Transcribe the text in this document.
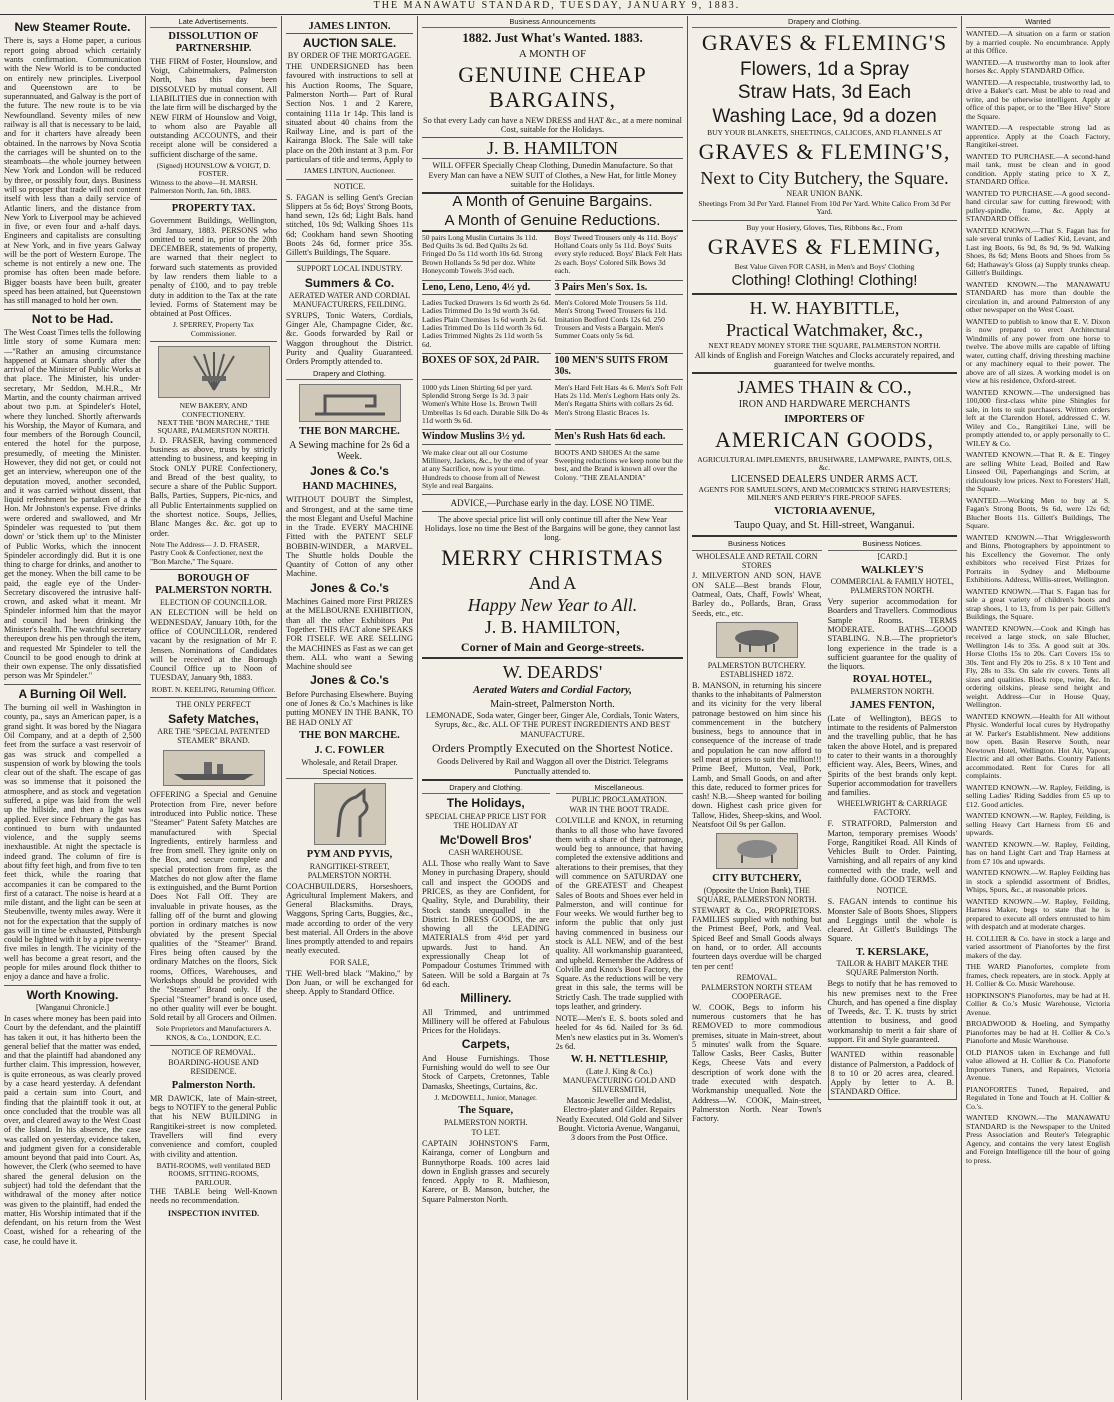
THE MANAWATU STANDARD, TUESDAY, JANUARY 9, 1883.
New Steamer Route.
There is, says a Home paper, a curious report going abroad which certainly wants confirmation. Communication with the New World is to be conducted on entirely new principles. Liverpool and Queenstown are to be superannuated, and Galway is the port of the future. The new route is to be via Newfoundland. Seventy miles of new railway is all that is necessary to be laid, and for it charters have already been obtained. In the narrows by Nova Scotia the carriages will be shunted on to the steamboats—the whole journey between New York and London will be reduced by three, or possibly four, days. Business will so prosper that trade will not content itself with less than a daily service of Atlantic liners, and the distance from New York to Liverpool may be achieved in five, or even four and a-half days. Engineers and capitalists are consulting at New York, and in five years Galway will be the port of Western Europe. The scheme is not entirely a new one. The promise has often been made before. Bigger boasts have been built, greater speed has been attained, but Queenstown has still managed to hold her own.
Not to be Had.
The West Coast Times tells the following little story of some Kumara men:—"Rather an amusing circumstance happened at Kumara shortly after the arrival of the Minister of Public Works at that place. The Minister, his under-secretary, Mr Seddon, M.H.R., Mr Martin, and the county chairman arrived about two p.m. at Spindeler's Hotel, where they lunched. Shortly afterwards his Worship, the Mayor of Kumara, and four members of the Borough Council, entered the hotel for the purpose, presumedly, of meeting the Minister. However, they did not get, or could not get an interview, whereupon one of the deputation moved, another seconded, and it was carried without dissent, that liquid refreshment be partaken of a the Hon. Mr Johnston's expense. Five drinks were ordered and swallowed, and Mr Spindeler was requested to 'put them down' or 'stick them up' to the Minister of Public Works, which the innocent Spindeler accordingly did. But it is one thing to charge for drinks, and another to get the money. When the bill came to be paid, the eagle eye of the Under-Secretary discovered the intrusive half-crown, and asked what it meant. Mr Spindeler informed him that the mayor and council had been drinking the Minister's health. The watchful secretary thereupon drew his pen through the item, and requested Mr Spindeler to tell the Council to be good enough to drink at their own expense. The only dissatisfied person was Mr Spindeler."
A Burning Oil Well.
The burning oil well in Washington in county, pa., says an American paper, is a grand sight. It was bored by the Niagara Oil Company, and at a depth of 2,500 feet from the surface a vast reservoir of gas was struck and compelled a suspension of work by blowing the tools clear out of the shaft. The escape of gas was so immense that it poisoned the atmosphere, and as stock and vegetation suffered, a pipe was laid from the well up the hillside, and then a light was applied. Ever since February the gas has continued to burn with undaunted violence, and the supply seems inexhaustible. At night the spectacle is indeed grand. The column of fire is about fifty feet high, and from five to ten feet thick, while the roaring that accompanies it can be compared to the first of a cataract. The noise is heard at a mile distant, and the light can be seen at Steubenville, twenty miles away. Were it not for the expectation that the supply of gas will in time be exhausted, Pittsburgh could be lighted with it by a pipe twenty-five miles in length. The vicinity of the well has become a great resort, and the people for miles around flock thither to enjoy a dance and have a frolic.
Worth Knowing.
[Wanganui Chronicle.]
In cases where money has been paid into Court by the defendant, and the plaintiff has taken it out, it has hitherto been the general belief that the matter was ended, and that the plaintiff had abandoned any further claim. This impression, however, is quite erroneous, as was clearly proved by a case heard yesterday. A defendant paid a certain sum into Court, and finding that the plaintiff took it out, at once concluded that the trouble was all over, and cleared away to the West Coast of the Island. In his absence, the case was called on yesterday, evidence taken, and judgment given for a considerable amount beyond that paid into Court. As, however, the Clerk (who seemed to have shared the general delusion on the subject) had told the defendant that the withdrawal of the money after notice was given to the plaintiff, had ended the matter, His Worship intimated that if the defendant, on his return from the West Coast, wished for a rehearing of the case, he could have it.
Late Advertisements.
DISSOLUTION OF PARTNERSHIP.
THE FIRM of Foster, Hounslow, and Voigt, Cabinetmakers, Palmerston North, has this day been DISSOLVED by mutual consent. All LIABILITIES due in connection with the late firm will be discharged by the NEW FIRM of Hounslow and Voigt, to whom also are Payable all outstanding ACCOUNTS, and their receipt alone will be considered a sufficient discharge of the same.
(Signed) HOUNSLOW & VOIGT, D. FOSTER.
Witness to the above—H. MARSH. Palmerston North, Jan. 6th, 1883.
PROPERTY TAX.
Government Buildings, Wellington, 3rd January, 1883. PERSONS who omitted to send in, prior to the 20th DECEMBER, statements of property, are warned that their neglect to forward such statements as provided by law renders them liable to a penalty of £100, and to pay treble duty in addition to the Tax at the rate levied. Forms of Statement may be obtained at Post Offices.
J. SPERREY, Property Tax Commissioner.
NEW BAKERY, AND CONFECTIONERY.
NEXT THE "BON MARCHE," THE SQUARE, PALMERSTON NORTH.
J. D. FRASER, having commenced business as above, trusts by strictly attending to business, and keeping in Stock ONLY PURE Confectionery, and Bread of the best quality, to secure a share of the Public Support. Balls, Parties, Suppers, Pic-nics, and all Public Entertainments supplied on the shortest notice. Soups, Jellies, Blanc Manges &c. &c. got up to order.
Note The Address— J. D. FRASER, Pastry Cook & Confectioner, next the "Bon Marche," The Square.
BOROUGH OF PALMERSTON NORTH.
ELECTION OF COUNCILLOR.
AN ELECTION will be held on WEDNESDAY, January 10th, for the office of COUNCILLOR, rendered vacant by the resignation of Mr F. Jensen. Nominations of Candidates will be received at the Borough Council Office up to Noon of TUESDAY, January 9th, 1883.
ROBT. N. KEELING, Returning Officer.
THE ONLY PERFECT
Safety Matches,
ARE THE "SPECIAL PATENTED STEAMER" BRAND.
OFFERING a Special and Genuine Protection from Fire, never before introduced into Public notice. These "Steamer" Patent Safety Matches are manufactured with Special Ingredients, entirely harmless and free from smell. They ignite only on the Box, and secure complete and special protection from fire, as the Matches do not glow after the flame is extinguished, and the Burnt Portion Does Not Fall Off. They are invaluable in private houses, as the falling off of the burnt and glowing portion in ordinary matches is now obviated by the present Special qualities of the "Steamer" Brand. Fires being often caused by the ordinary Matches on the floors, Sick rooms, Offices, Warehouses, and Workshops should be provided with the "Steamer" Brand only. If the Special "Steamer" brand is once used, no other quality will ever be bought. Sold retail by all Grocers and Oilmen.
Sole Proprietors and Manufacturers A. KNOS, & Co., LONDON, E.C.
NOTICE OF REMOVAL.
BOARDING-HOUSE AND RESIDENCE.
Palmerston North.
MR DAWICK, late of Main-street, begs to NOTIFY to the general Public that his NEW BUILDING in Rangitikei-street is now completed. Travellers will find every convenience and comfort, coupled with civility and attention.
BATH-ROOMS, well ventilated BED ROOMS, SITTING-ROOMS, PARLOUR.
THE TABLE being Well-Known needs no recommendation.
INSPECTION INVITED.
JAMES LINTON.
AUCTION SALE.
BY ORDER OF THE MORTGAGEE.
THE UNDERSIGNED has been favoured with instructions to sell at his Auction Rooms, The Square, Palmerston North— Part of Rural Section Nos. 1 and 2 Karere, containing 111a 1r 14p. This land is situated about 40 chains from the Railway Line, and is part of the Kairanga Block. The Sale will take place on the 20th instant at 3 p.m. For particulars of title and terms, Apply to
JAMES LINTON, Auctioneer.
NOTICE.
S. FAGAN is selling Gent's Grecian Slippers at 5s 6d; Boys' Strong Boots, hand sewn, 12s 6d; Light Bals. hand stitched, 10s 9d; Walking Shoes 11s 6d; Cookham hand sewn Shooting Boots 24s 6d, former price 35s. Gillett's Buildings, The Square.
SUPPORT LOCAL INDUSTRY.
Summers & Co.
AERATED WATER AND CORDIAL MANUFACTURERS, FEILDING.
SYRUPS, Tonic Waters, Cordials, Ginger Ale, Champagne Cider, &c. &c. Goods forwarded by Rail or Waggon throughout the District. Purity and Quality Guaranteed. Orders Promptly attended to.
Drapery and Clothing.
THE BON MARCHE.
A Sewing machine for 2s 6d a Week.
Jones & Co.'s
HAND MACHINES,
WITHOUT DOUBT the Simplest, and Strongest, and at the same time the most Elegant and Useful Machine in the Trade. EVERY MACHINE Fitted with the PATENT SELF BOBBIN-WINDER, a MARVEL. The Shuttle holds Double the Quantity of Cotton of any other Machine.
Jones & Co.'s
Machines Gained more First PRIZES at the MELBOURNE EXHIBITION, than all the other Exhibitors Put Together. THIS FACT alone SPEAKS FOR ITSELF. WE ARE SELLING the MACHINES as Fast as we can get them. ALL who want a Sewing Machine should see
Jones & Co.'s
Before Purchasing Elsewhere. Buying one of Jones & Co.'s Machines is like putting MONEY IN THE BANK, TO BE HAD ONLY AT
THE BON MARCHE.
J. C. FOWLER
Wholesale, and Retail Draper.
Special Notices.
PYM AND PYVIS,
RANGITIKEI-STREET, PALMERSTON NORTH.
COACHBUILDERS, Horseshoers, Agricultural Implement Makers, and General Blacksmiths. Drays, Waggons, Spring Carts, Buggies, &c., made according to order of the very best material. All Orders in the above lines promptly attended to and repairs neatly executed.
FOR SALE,
THE Well-bred black "Makino," by Don Juan, or will be exchanged for sheep. Apply to Standard Office.
Business Announcements
1882. Just What's Wanted. 1883.
A MONTH OF
GENUINE CHEAP BARGAINS,
So that every Lady can have a NEW DRESS and HAT &c., at a mere nominal Cost, suitable for the Holidays.
J. B. HAMILTON
WILL OFFER Specially Cheap Clothing, Dunedin Manufacture. So that Every Man can have a NEW SUIT of Clothes, a New Hat, for little Money suitable for the Holidays.
A Month of Genuine Bargains.
A Month of Genuine Reductions.
50 pairs Long Muslin Curtains 3s 11d. Bed Quilts 3s 6d. Bed Quilts 2s 6d. Fringed Do 5s 11d worth 10s 6d. Strong Brown Hollands 5s 9d per doz. White Honeycomb Towels 3½d each.
Boys' Tweed Trousers only 4s 11d. Boys' Holland Coats only 5s 11d. Boys' Suits every style reduced. Boys' Black Felt Hats 2s each. Boys' Colored Silk Bows 3d each.
Leno, Leno, Leno, 4½ yd.	3 Pairs Men's Sox. 1s.
Ladies Tucked Drawers 1s 6d worth 2s 6d. Ladies Trimmed Do 1s 9d worth 3s 6d. Ladies Plain Chemises 1s 6d worth 2s 6d. Ladies Trimmed Do 1s 11d worth 3s 6d. Ladies Trimmed Nights 2s 11d worth 5s 6d.
Men's Colored Mole Trousers 5s 11d. Men's Strong Tweed Trousers 6s 11d. Imitation Bedford Cords 12s 6d. 250 Trousers and Vests a Bargain. Men's Summer Coats only 5s 6d.
BOXES OF SOX, 2d PAIR.	100 MEN'S SUITS FROM 30s.
1000 yds Linen Shirting 6d per yard. Splendid Strong Serge 1s 3d. 3 pair Women's White Hose 1s. Brown Twill Umbrellas 1s 6d each. Durable Silk Do 4s 11d worth 9s 6d.
Men's Hard Felt Hats 4s 6. Men's Soft Felt Hats 2s 11d. Men's Leghorn Hats only 2s. Men's Regatta Shirts with collars 2s 6d. Men's Strong Elastic Braces 1s.
Window Muslins 3½ yd.	Men's Rush Hats 6d each.
We make clear out all our Costume Millinery, Jackets, &c., by the end of year at any Sacrifice, now is your time. Hundreds to choose from all of Newest Style and real Bargains.
BOOTS AND SHOES At the same Sweeping reductions we keep none but the best, and the Brand is known all over the Colony. "THE ZEALANDIA"
ADVICE,—Purchase early in the day. LOSE NO TIME.
The above special price list will only continue till after the New Year Holidays. lose no time the Best of the Bargains will be gone, they cannot last long.
MERRY CHRISTMAS
And A
Happy New Year to All.
J. B. HAMILTON,
Corner of Main and George-streets.
W. DEARDS'
Aerated Waters and Cordial Factory,
Main-street, Palmerston North.
LEMONADE, Soda water, Ginger beer, Ginger Ale, Cordials, Tonic Waters, Syrups, &c., &c. ALL OF THE PUREST INGREDIENTS AND BEST MANUFACTURE.
Orders Promptly Executed on the Shortest Notice.
Goods Delivered by Rail and Waggon all over the District. Telegrams Punctually attended to.
Drapery and Clothing.
The Holidays,
SPECIAL CHEAP PRICE LIST FOR THE HOLIDAY AT
Mc'Dowell Bros'
CASH WAREHOUSE.
ALL Those who really Want to Save Money in purchasing Drapery, should call and inspect the GOODS and PRICES, as they are Confident, for Quality, Style, and Durability, their Stock stands unequalled in the District. In DRESS GOODS, the are showing all the LEADING MATERIALS from 4½d per yard upwards. Just to hand. An expressionally Cheap lot of Pompadour Costumes Trimmed with Sateen. Will be sold a Bargain at 7s 6d each.
Millinery.
All Trimmed, and untrimmed Millinery will be offered at Fabulous Prices for the Holidays.
Carpets,
And House Furnishings. Those Furnishing would do well to see Our Stock of Carpets, Cretonnes, Table Damasks, Sheetings, Curtains, &c.
J. McDOWELL, Junior, Manager.
The Square,
PALMERSTON NORTH.
TO LET.
CAPTAIN JOHNSTON'S Farm, Kairanga, corner of Longburn and Bunnythorpe Roads. 100 acres laid down in English grasses and securely fenced. Apply to R. Mathieson, Karere, or B. Manson, butcher, the Square Palmerston North.
Miscellaneous.
PUBLIC PROCLAMATION.
WAR IN THE BOOT TRADE.
COLVILLE and KNOX, in returning thanks to all those who have favored them with a share of their patronage, would beg to announce, that having completed the extensive additions and alterations to their premises, that they will commence on SATURDAY one of the GREATEST and Cheapest Sales of Boots and Shoes ever held in Palmerston, and will continue for Four weeks. We would further beg to inform the public that only just having commenced in business our stock is ALL NEW, and of the best quality. All workmanship guaranteed, and upheld. Remember the Address of Colville and Knox's Boot Factory, the Square. As the reductions will be very great in this sale, the terms will be Strictly Cash. The trade supplied with tops leather, and grindery.
NOTE—Men's E. S. boots soled and heeled for 4s 6d. Nailed for 3s 6d. Men's new elastics put in 3s. Women's 2s 6d.
W. H. NETTLESHIP,
(Late J. King & Co.) MANUFACTURING GOLD AND SILVERSMITH,
Masonic Jeweller and Medalist, Electro-plater and Gilder. Repairs Neatly Executed. Old Gold and Silver Bought. Victoria Avenue, Wanganui, 3 doors from the Post Office.
Drapery and Clothing.
GRAVES & FLEMING'S
Flowers, 1d a Spray
Straw Hats, 3d Each
Washing Lace, 9d a dozen
BUY YOUR BLANKETS, SHEETINGS, CALICOES, AND FLANNELS AT
GRAVES & FLEMING'S,
Next to City Butchery, the Square.
NEAR UNION BANK.
Sheetings From 3d Per Yard. Flannel From 10d Per Yard. White Calico From 3d Per Yard.
Buy your Hosiery, Gloves, Ties, Ribbons &c., From
GRAVES & FLEMING,
Best Value Given FOR CASH, in Men's and Boys' Clothing
Clothing! Clothing! Clothing!
H. W. HAYBITTLE,
Practical Watchmaker, &c.,
NEXT READY MONEY STORE THE SQUARE, PALMERSTON NORTH.
All kinds of English and Foreign Watches and Clocks accurately repaired, and guaranteed for twelve months.
JAMES THAIN & CO.,
IRON AND HARDWARE MERCHANTS
IMPORTERS OF
AMERICAN GOODS,
AGRICULTURAL IMPLEMENTS, BRUSHWARE, LAMPWARE, PAINTS, OILS, &c.
LICENSED DEALERS UNDER ARMS ACT.
AGENTS FOR SAMUELSON'S, AND McCORMICK'S STRING HARVESTERS; MILNER'S AND PERRY'S FIRE-PROOF SAFES.
VICTORIA AVENUE,
Taupo Quay, and St. Hill-street, Wanganui.
Business Notices
WHOLESALE AND RETAIL CORN STORES
J. MILVERTON AND SON, HAVE ON SALE—Best brands Flour, Oatmeal, Oats, Chaff, Fowls' Wheat, Barley do., Pollards, Bran, Grass Seeds, etc., etc.
PALMERSTON BUTCHERY. ESTABLISHED 1872.
B. MANSON, in returning his sincere thanks to the inhabitants of Palmerston and its vicinity for the very liberal patronage bestowed on him since his commencement in the butchery business, begs to announce that in consequence of the increase of trade and population he can now afford to sell meat at prices to suit the million!!! Prime Beef, Mutton, Veal, Pork, Lamb, and Small Goods, on and after this date, reduced to former prices for cash! N.B.—Sheep wanted for boiling down. Highest cash price given for Tallow, Hides, Sheep-skins, and Wool. Neatsfoot Oil 9s per Gallon.
CITY BUTCHERY,
(Opposite the Union Bank), THE SQUARE, PALMERSTON NORTH.
STEWART & Co., PROPRIETORS. FAMILIES supplied with nothing but the Primest Beef, Pork, and Veal. Spiced Beef and Small Goods always on hand, or to order. All accounts fourteen days overdue will be charged ten per cent!
REMOVAL.
PALMERSTON NORTH STEAM COOPERAGE.
W. COOK, Begs to inform his numerous customers that he has REMOVED to more commodious premises, situate in Main-street, about 5 minutes' walk from the Square. Tallow Casks, Beer Casks, Butter Kegs, Cheese Vats and every description of work done with the trade executed with despatch. Workmanship unequalled. Note the Address—W. COOK, Main-street, Palmerston North. Near Town's Factory.
Business Notices.
[CARD.]
WALKLEY'S
COMMERCIAL & FAMILY HOTEL, PALMERSTON NORTH.
Very superior accommodation for Boarders and Travellers. Commodious Sample Rooms. TERMS MODERATE. BATHS—GOOD STABLING. N.B.—The proprietor's long experience in the trade is a sufficient guarantee for the quality of the liquors.
ROYAL HOTEL,
PALMERSTON NORTH.
JAMES FENTON,
(Late of Wellington), BEGS to intimate to the residents of Palmerston and the travelling public, that he has taken the above Hotel, and is prepared to cater to their wants in a thoroughly efficient way. Ales, Beers, Wines, and Spirits of the best brands only kept. Superior accommodation for travellers and families.
WHEELWRIGHT & CARRIAGE FACTORY.
F. STRATFORD, Palmerston and Marton, temporary premises Woods' Forge, Rangitikei Road. All Kinds of Vehicles Built to Order. Painting, Varnishing, and all repairs of any kind connected with the trade, well and faithfully done. GOOD TERMS.
NOTICE.
S. FAGAN intends to continue his Monster Sale of Boots Shoes, Slippers and Leggings until the whole is cleared. At Gillett's Buildings The Square.
T. KERSLAKE,
TAILOR & HABIT MAKER THE SQUARE Palmerston North.
Begs to notify that he has removed to his new premises next to the Free Church, and has opened a fine display of Tweeds, &c. T. K. trusts by strict attention to business, and good workmanship to merit a fair share of support. Fit and Style guaranteed.
WANTED within reasonable distance of Palmerston, a Paddock of 8 to 10 or 20 acres area, cleared. Apply by letter to A. B. STANDARD Office.
Wanted

WANTED.—A situation on a farm or station by a married couple. No encumbrance. Apply at this Office.

WANTED.—A trustworthy man to look after horses &c. Apply STANDARD Office.

WANTED.—A respectable, trustworthy lad, to drive a Baker's cart. Must be able to read and write, and be otherwise intelligent. Apply at office of this paper, or to the "Bee Hive" Store the Square.

WANTED.—A respectable strong lad as apprentice. Apply at the Coach Factory, Rangitikei-street.

WANTED TO PURCHASE.—A second-hand mail tank, must be clean and in good condition. Apply stating price to X Z, STANDARD Office.

WANTED TO PURCHASE.—A good second-hand circular saw for cutting firewood; with pulley-spindle, frame, &c. Apply at STANDARD Office.

WANTED KNOWN.—That S. Fagan has for sale several trunks of Ladies' Kid, Levant, and Last ing Boots, 6s 9d, 8s 9d, 9s 9d. Walking Shoes, 8s 6d; Mens Boots and Shoes from 5s 6d; Hathaway's Gloss (a) Supply trunks cheap. Gillett's Buildings.

WANTED KNOWN.—The MANAWATU STANDARD has more than double the circulation in, and around Palmerston of any other newspaper on the West Coast.

WANTED to publish to know that E. V. Dixon is now prepared to erect Architectural Windmills of any power from one horse to twelve. The above mills are capable of lifting water, cutting chaff, driving threshing machine or any machinery equal to their power. The above are of all sizes. A working model is on view at his residence, Oxford-street.

WANTED KNOWN.—The undersigned has 100,000 first-class white pine Shingles for sale, in lots to suit purchasers. Written orders left at the Clarendon Hotel, addressed C. W. Wiley and Co., Rangitikei Line, will be promptly attended to, or apply personally to C. WILEY & Co.

WANTED KNOWN.—That R. & E. Tingey are selling White Lead, Boiled and Raw Linseed Oil, Paperhangings and Scrim, at ridiculously low prices. Next to Foresters' Hall, the Square.

WANTED.—Working Men to buy at S. Fagan's Strong Boots, 9s 6d, were 12s 6d; Blucher Boots 11s. Gillett's Buildings, The Square.

WANTED KNOWN.—That Wrigglesworth and Binns, Photographers by appointment to his Excellency the Governor. The only exhibitors who received First Prizes for Portraits in Sydney and Melbourne Exhibitions. Address, Willis-street, Wellington.

WANTED KNOWN.—That S. Fagan has for sale a great variety of children's boots and strap shoes, 1 to 13, from 1s per pair. Gillett's Buildings, the Square.

WANTED KNOWN.—Cook and Kingh has received a large stock, on sale Blucher, Wellington 14s to 35s. A good suit at 30s. Horse Cloths 15s to 20s. Cart Covers 15s to 30s. Tent and Fly 20s to 25s. 8 x 10 Tent and Fly, 28s to 33s. On sale riv covers. Tents all sizes and qualities. Block rope, twine, &c. In ordering oilskins, please send height and weight. Address—Cur in House Quay, Wellington.

WANTED KNOWN.—Health for All without Physic. Wonderful local cures by Hydropathy at W. Parker's Establishment. New additions now open. Basin Reserve South, near Newtown Hotel, Wellington. Hot Air, Vapour, Electric and all other Baths. Country Patients accommodated. Rent for Cures for all complaints.

WANTED KNOWN.—W. Rapley, Feilding, is selling Ladies' Riding Saddles from £5 up to £12. Good articles.

WANTED KNOWN.—W. Rapley, Feilding, is selling Heavy Cart Harness from £6 and upwards.

WANTED KNOWN.—W. Rapley, Feilding, has on hand Light Cart and Trap Harness at from £7 10s and upwards.

WANTED KNOWN.—W. Rapley Feilding has in stock a splendid assortment of Bridles, Whips, Spurs, &c., at reasonable prices.

WANTED KNOWN.—W. Rapley, Feilding, Harness Maker, begs to state that he is prepared to execute all orders entrusted to him with despatch and at moderate charges.

H. COLLIER & Co. have in stock a large and varied assortment of Pianofortes by the first makers of the day.

THE WARD Pianofortes, complete from frames, check repeaters, are in stock. Apply at H. Collier & Co. Music Warehouse.

HOPKINSON'S Pianofortes, may be had at H. Collier & Co.'s Music Warehouse, Victoria Avenue.

BROADWOOD & Hoeling, and Sympathy Pianofortes may be had at H. Collier & Co.'s Pianoforte and Music Warehouse.

OLD PIANOS taken in Exchange and full value allowed at H. Collier & Co. Pianoforte Importers Tuners, and Repairers, Victoria Avenue.

PIANOFORTES Tuned, Repaired, and Regulated in Tone and Touch at H. Collier & Co.'s.

WANTED KNOWN.—The MANAWATU STANDARD is the Newspaper to the United Press Association and Reuter's Telegraphic Agency, and contains the very latest English and Foreign Intelligence till the hour of going to press.
